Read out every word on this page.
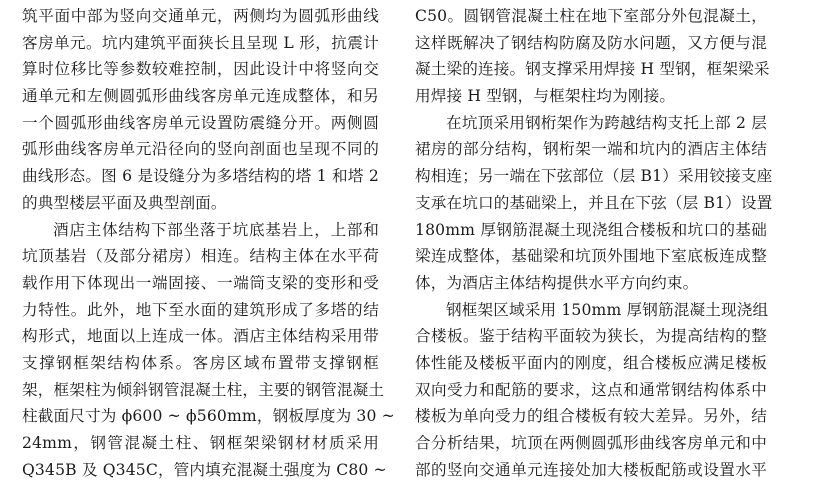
筑平面中部为竖向交通单元，两侧均为圆弧形曲线
客房单元。坑内建筑平面狭长且呈现 L 形，抗震计
算时位移比等参数较难控制，因此设计中将竖向交
通单元和左侧圆弧形曲线客房单元连成整体，和另
一个圆弧形曲线客房单元设置防震缝分开。两侧圆
弧形曲线客房单元沿径向的竖向剖面也呈现不同的
曲线形态。图 6 是设缝分为多塔结构的塔 1 和塔 2
的典型楼层平面及典型剖面。
酒店主体结构下部坐落于坑底基岩上，上部和
坑顶基岩（及部分裙房）相连。结构主体在水平荷
载作用下体现出一端固接、一端筒支梁的变形和受
力特性。此外，地下至水面的建筑形成了多塔的结
构形式，地面以上连成一体。酒店主体结构采用带
支撑钢框架结构体系。客房区域布置带支撑钢框
架，框架柱为倾斜钢管混凝土柱，主要的钢管混凝土
柱截面尺寸为 ϕ600 ~ ϕ560mm，钢板厚度为 30 ~
24mm，钢管混凝土柱、钢框架梁钢材材质采用
Q345B 及 Q345C，管内填充混凝土强度为 C80 ~
C50。圆钢管混凝土柱在地下室部分外包混凝土，
这样既解决了钢结构防腐及防水问题，又方便与混
凝土梁的连接。钢支撑采用焊接 H 型钢，框架梁采
用焊接 H 型钢，与框架柱均为刚接。
在坑顶采用钢桁架作为跨越结构支托上部 2 层
裙房的部分结构，钢桁架一端和坑内的酒店主体结
构相连；另一端在下弦部位（层 B1）采用铰接支座
支承在坑口的基础梁上，并且在下弦（层 B1）设置
180mm 厚钢筋混凝土现浇组合楼板和坑口的基础
梁连成整体，基础梁和坑顶外围地下室底板连成整
体，为酒店主体结构提供水平方向约束。
钢框架区域采用 150mm 厚钢筋混凝土现浇组
合楼板。鉴于结构平面较为狭长，为提高结构的整
体性能及楼板平面内的刚度，组合楼板应满足楼板
双向受力和配筋的要求，这点和通常钢结构体系中
楼板为单向受力的组合楼板有较大差异。另外，结
合分析结果，坑顶在两侧圆弧形曲线客房单元和中
部的竖向交通单元连接处加大楼板配筋或设置水平
